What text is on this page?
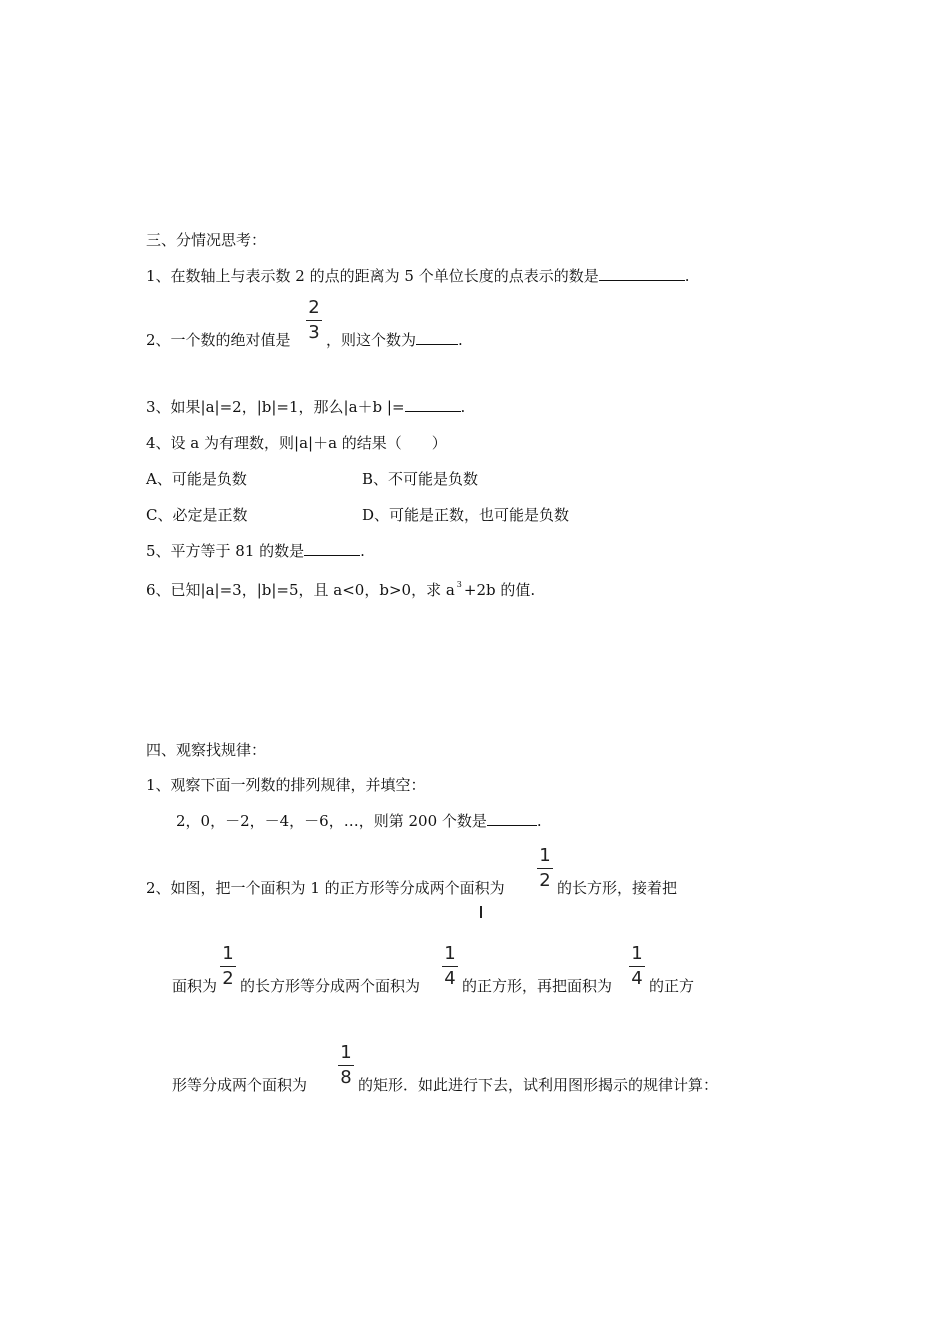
三、分情况思考：
1、在数轴上与表示数 2 的点的距离为 5 个单位长度的点表示的数是	.
2、一个数的绝对值是
2
3 ，则这个数为	.
3、如果|a|=2，|b|=1，那么|a＋b |=	.
4、设 a 为有理数，则|a|＋a 的结果（　　）
A、可能是负数	B、不可能是负数
C、必定是正数	D、可能是正数，也可能是负数
5、平方等于 81 的数是	.
6、已知|a|=3，|b|=5，且 a<0，b>0，求 a $^3$ +2b 的值.
四、观察找规律：
1、观察下面一列数的排列规律，并填空：
2，0，－2，－4，－6，…，则第 200 个数是	.
2、如图，把一个面积为 1 的正方形等分成两个面积为
1
2 的长方形，接着把
面积为
1
2 的长方形等分成两个面积为
1
4 的正方形，再把面积为
1
4 的正方
形等分成两个面积为
1
8 的矩形．如此进行下去，试利用图形揭示的规律计算：
